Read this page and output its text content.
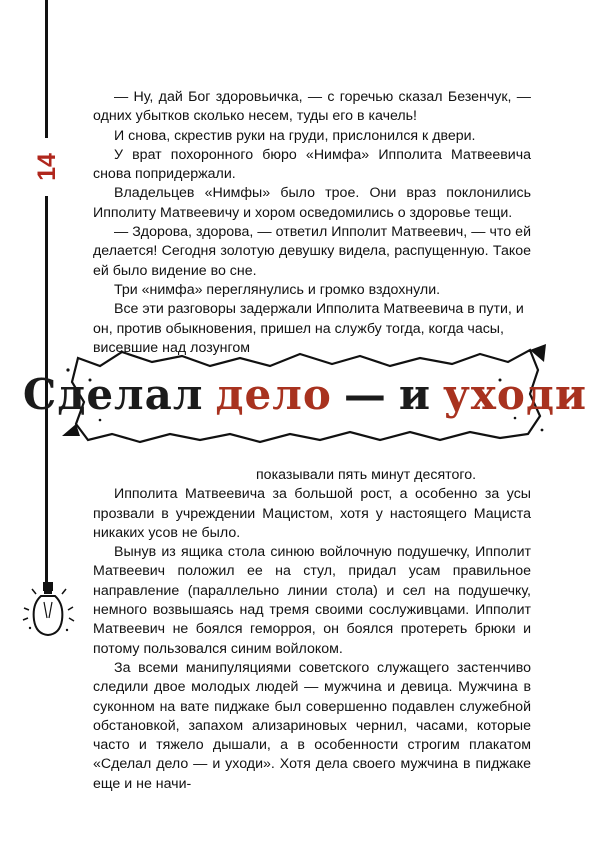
14

— Ну, дай Бог здоровьичка, — с горечью сказал Безенчук, — одних убытков сколько несем, туды его в качель!

И снова, скрестив руки на груди, прислонился к двери.

У врат похоронного бюро «Нимфа» Ипполита Матвеевича снова попридержали.

Владельцев «Нимфы» было трое. Они враз поклонились Ипполиту Матвеевичу и хором осведомились о здоровье тещи.

— Здорова, здорова, — ответил Ипполит Матвеевич, — что ей делается! Сегодня золотую девушку видела, распущенную. Такое ей было видение во сне.

Три «нимфа» переглянулись и громко вздохнули.

Все эти разговоры задержали Ипполита Матвеевича в пути, и он, против обыкновения, пришел на службу тогда, когда часы, висевшие над лозунгом

Сделал дело — и уходи

показывали пять минут десятого.

Ипполита Матвеевича за большой рост, а особенно за усы прозвали в учреждении Мацистом, хотя у настоящего Мациста никаких усов не было.

Вынув из ящика стола синюю войлочную подушечку, Ипполит Матвеевич положил ее на стул, придал усам правильное направление (параллельно линии стола) и сел на подушечку, немного возвышаясь над тремя своими сослуживцами. Ипполит Матвеевич не боялся геморроя, он боялся протереть брюки и потому пользовался синим войлоком.

За всеми манипуляциями советского служащего застенчиво следили двое молодых людей — мужчина и девица. Мужчина в суконном на вате пиджаке был совершенно подавлен служебной обстановкой, запахом ализариновых чернил, часами, которые часто и тяжело дышали, а в особенности строгим плакатом «Сделал дело — и уходи». Хотя дела своего мужчина в пиджаке еще и не начи-
